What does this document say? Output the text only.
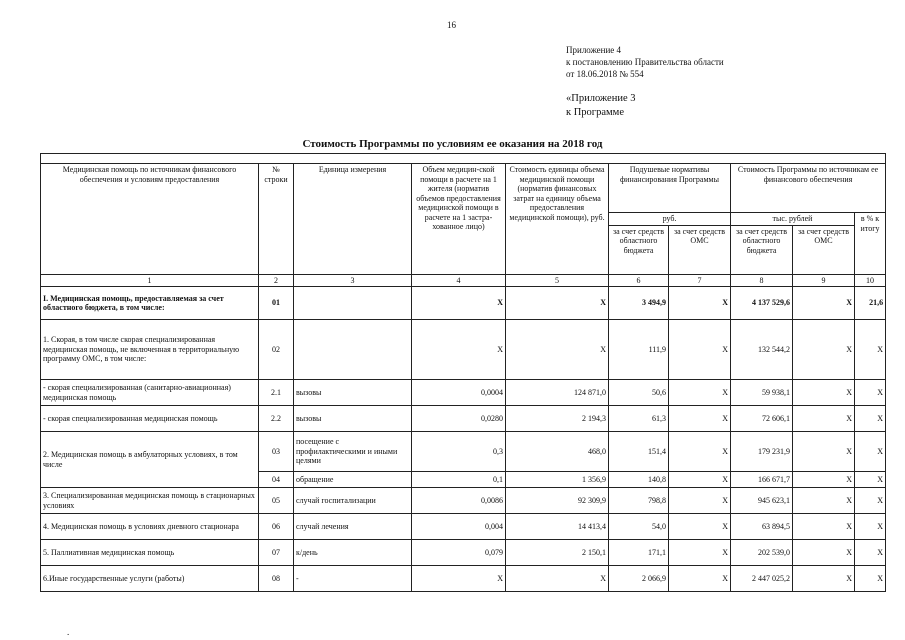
16
Приложение 4
к постановлению Правительства области
от 18.06.2018 № 554
«Приложение 3
к Программе
Стоимость Программы по условиям ее оказания на 2018 год

Медицинская помощь по источникам финансового обеспечения и условиям предоставления	№ строки	Единица измерения	Объем медицин-ской помощи в расчете на 1 жителя (норматив объемов предоставления медицинской помощи в расчете на 1 застра-хованное лицо)	Стоимость единицы объема медицинской помощи (норматив финансовых затрат на единицу объема предоставления медицинской помощи), руб.	Подушевые нормативы финансирования Программы		Стоимость Программы по источникам ее финансового обеспечения		
					руб.		тыс. рублей		в % к итогу
					за счет средств областного бюджета	за счет средств ОМС	за счет средств областного бюджета	за счет средств ОМС	
1	2	3	4	5	6	7	8	9	10
I. Медицинская помощь, предоставляемая за счет областного бюджета, в том числе:	01		X	X	3 494,9	X	4 137 529,6	X	21,6
1. Скорая, в том числе скорая специализированная медицинская помощь, не включенная в территориальную программу ОМС, в том числе:	02		X	X	111,9	X	132 544,2	X	X
- скорая специализированная (санитарно-авиационная) медицинская помощь	2.1	вызовы	0,0004	124 871,0	50,6	X	59 938,1	X	X
- скорая специализированная медицинская помощь	2.2	вызовы	0,0280	2 194,3	61,3	X	72 606,1	X	X
2. Медицинская помощь в амбулаторных условиях, в том числе	03	посещение с профилактическими и иными целями	0,3	468,0	151,4	X	179 231,9	X	X
	04	обращение	0,1	1 356,9	140,8	X	166 671,7	X	X
3. Специализированная медицинская помощь в стационарных условиях	05	случай госпитализации	0,0086	92 309,9	798,8	X	945 623,1	X	X
4. Медицинская помощь в условиях дневного стационара	06	случай лечения	0,004	14 413,4	54,0	X	63 894,5	X	X
5. Паллиативная медицинская помощь	07	к/день	0,079	2 150,1	171,1	X	202 539,0	X	X
6.Иные государственные услуги (работы)	08	-	X	X	2 066,9	X	2 447 025,2	X	X
.
